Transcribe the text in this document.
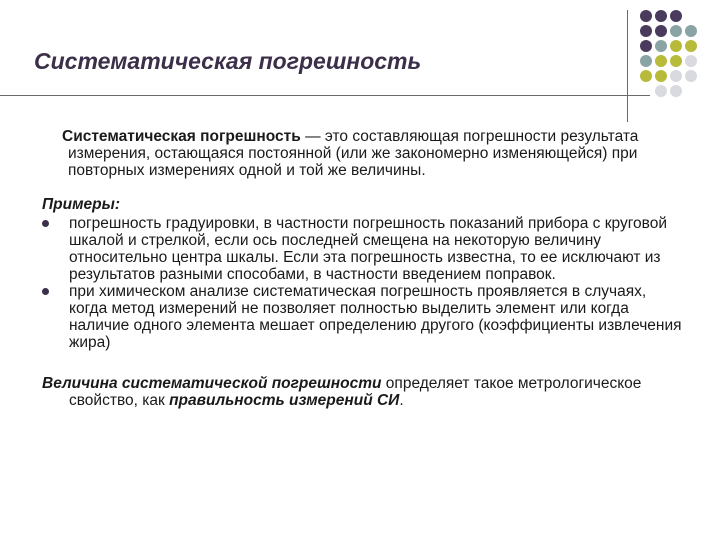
Систематическая погрешность

Систематическая погрешность — это составляющая погрешности результата измерения, остающаяся постоянной (или же закономерно изменяющейся) при повторных измерениях одной и той же величины.

Примеры:
погрешность градуировки, в частности погрешность показаний прибора с круговой шкалой и стрелкой, если ось последней смещена на некоторую величину относительно центра шкалы. Если эта погрешность известна, то ее исключают из результатов разными способами, в частности введением поправок.
при химическом анализе систематическая погрешность проявляется в случаях, когда метод измерений не позволяет полностью выделить элемент или когда наличие одного элемента мешает определению другого (коэффициенты извлечения жира)

Величина систематической погрешности определяет такое метрологическое свойство, как правильность измерений СИ.
